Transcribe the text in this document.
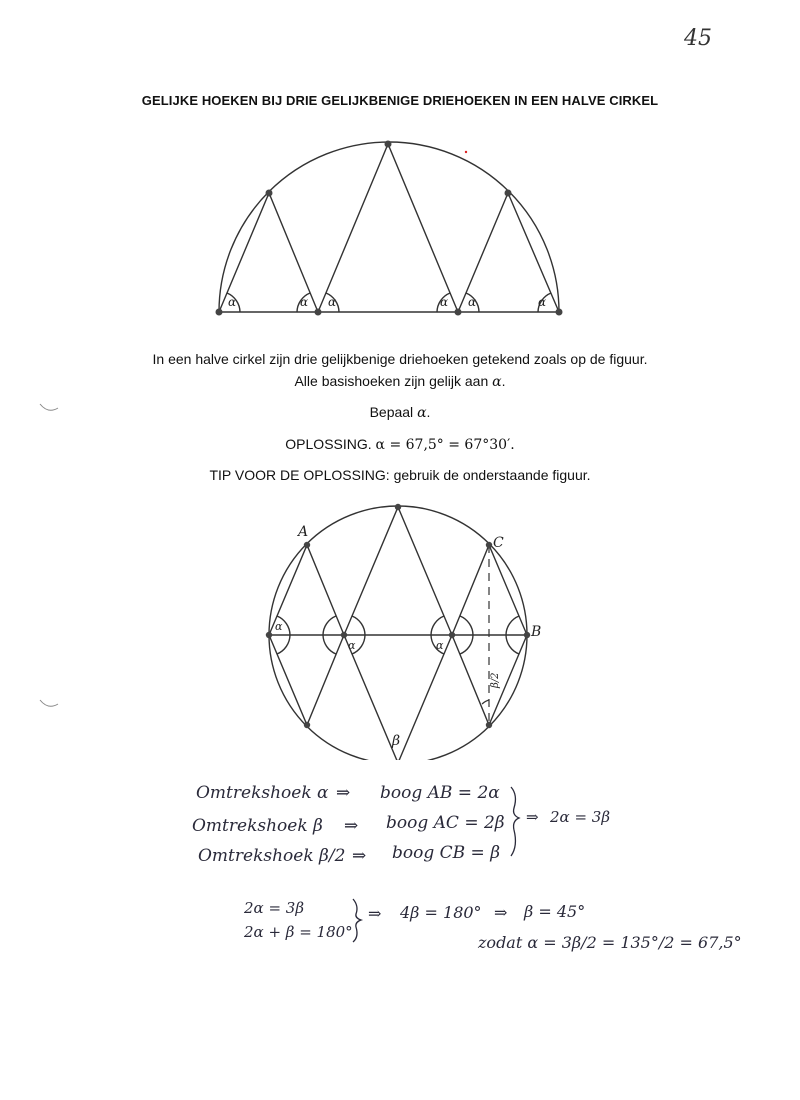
45
GELIJKE HOEKEN BIJ DRIE GELIJKBENIGE DRIEHOEKEN IN EEN HALVE CIRKEL
α	α α	α α	α
In een halve cirkel zijn drie gelijkbenige driehoeken getekend zoals op de figuur.
Alle basishoeken zijn gelijk aan α.
Bepaal α.
OPLOSSING. α = 67,5° = 67°30′.
TIP VOOR DE OPLOSSING: gebruik de onderstaande figuur.
A
C
B
β
α
α	α
β/2
Omtrekshoek α ⇒ boog AB = 2α
Omtrekshoek β ⇒ boog AC = 2β
Omtrekshoek β/2 ⇒ boog CB = β
⇒ 2α = 3β
2α = 3β
2α + β = 180°
⇒ 4β = 180° ⇒ β = 45°
zodat α = 3β/2 = 135°/2 = 67,5°
